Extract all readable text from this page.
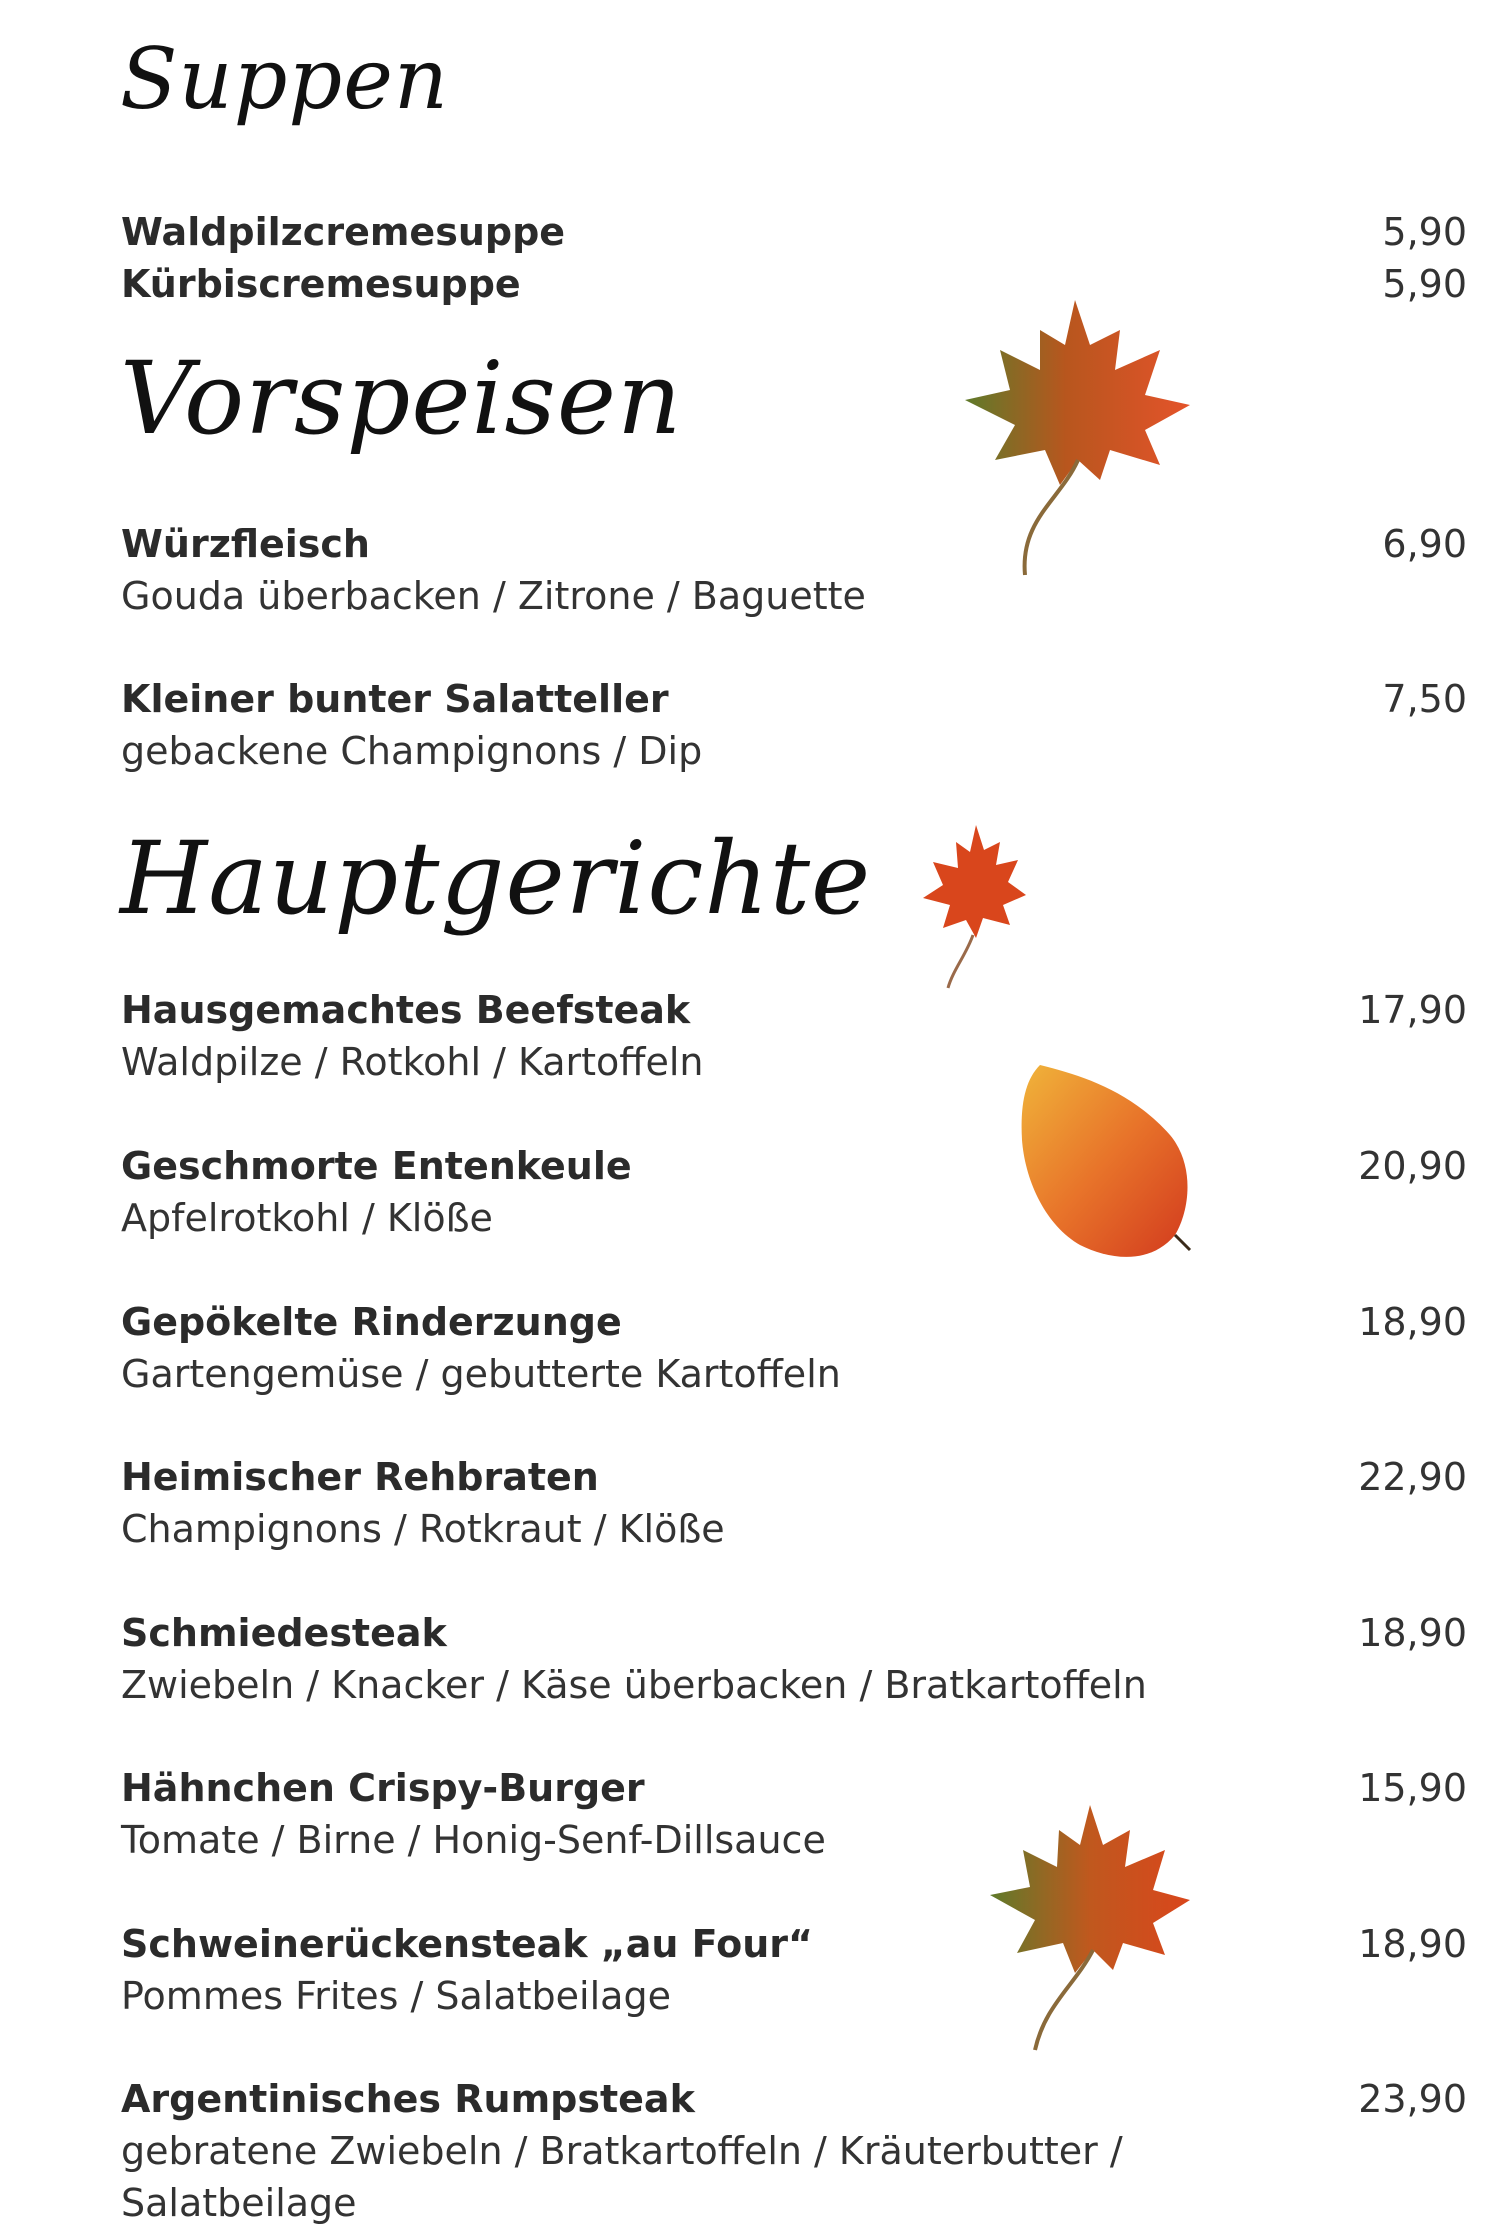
Suppen
Waldpilzcremesuppe	5,90
Kürbiscremesuppe	5,90
Vorspeisen
Würzfleisch
Gouda überbacken / Zitrone / Baguette
6,90
Kleiner bunter Salatteller
gebackene Champignons / Dip
7,50
Hauptgerichte
Hausgemachtes Beefsteak
Waldpilze / Rotkohl / Kartoffeln
17,90
Geschmorte Entenkeule
Apfelrotkohl / Klöße
20,90
Gepökelte Rinderzunge
Gartengemüse / gebutterte Kartoffeln
18,90
Heimischer Rehbraten
Champignons / Rotkraut / Klöße
22,90
Schmiedesteak
Zwiebeln / Knacker / Käse überbacken / Bratkartoffeln
18,90
Hähnchen Crispy-Burger
Tomate / Birne / Honig-Senf-Dillsauce
15,90
Schweinerückensteak „au Four“
Pommes Frites / Salatbeilage
18,90
Argentinisches Rumpsteak
gebratene Zwiebeln / Bratkartoffeln / Kräuterbutter / Salatbeilage
23,90
